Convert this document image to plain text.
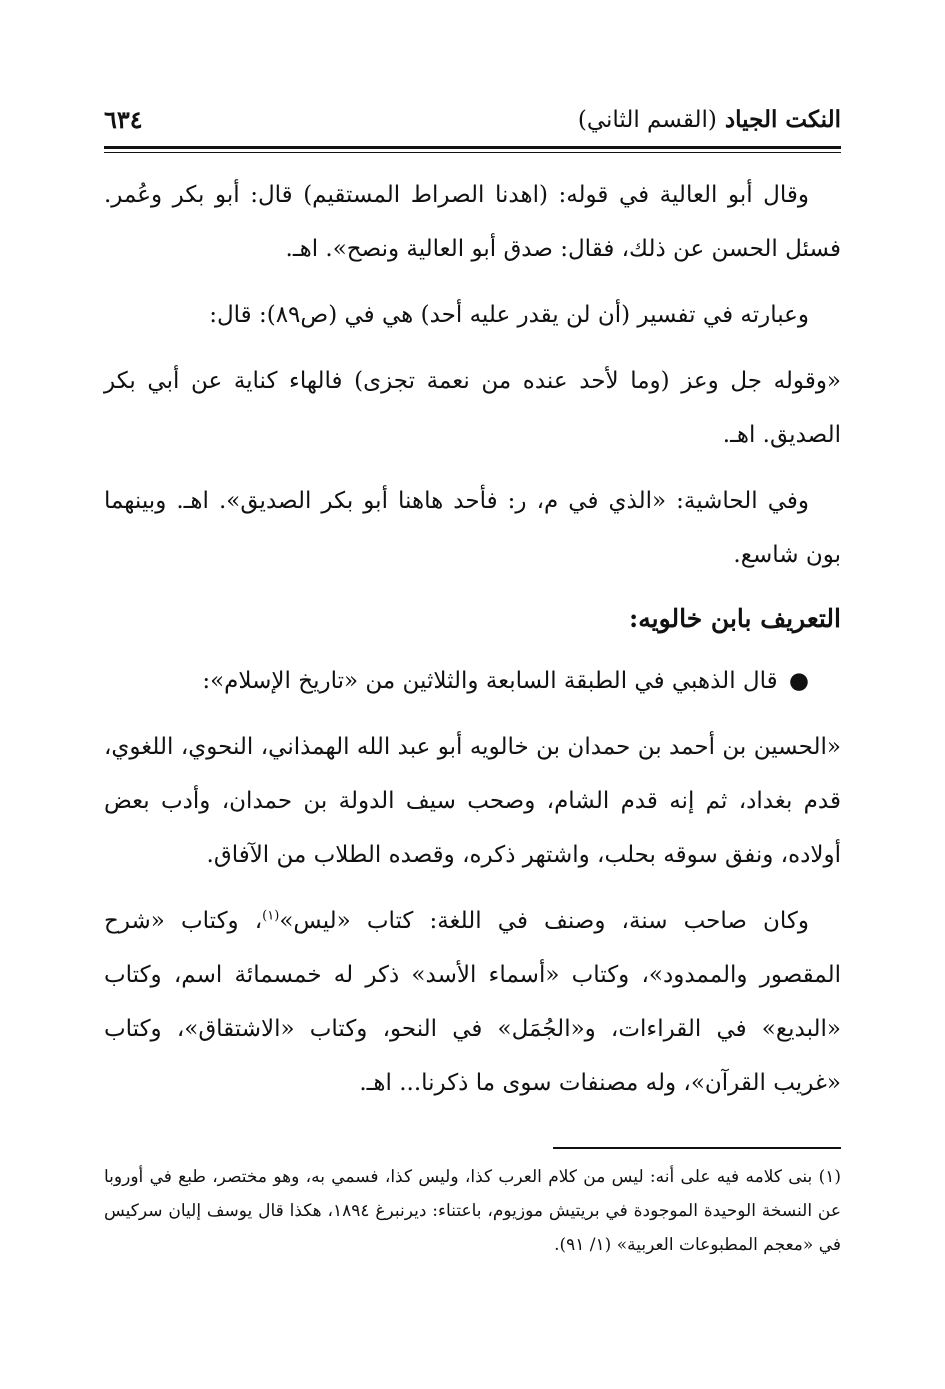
النكت الجياد (القسم الثاني)
٦٣٤

وقال أبو العالية في قوله: (اهدنا الصراط المستقيم) قال: أبو بكر وعُمر. فسئل الحسن عن ذلك، فقال: صدق أبو العالية ونصح». اهـ.

وعبارته في تفسير (أن لن يقدر عليه أحد) هي في (ص٨٩): قال:

«وقوله جل وعز (وما لأحد عنده من نعمة تجزى) فالهاء كناية عن أبي بكر الصديق. اهـ.

وفي الحاشية: «الذي في م، ر: فأحد هاهنا أبو بكر الصديق». اهـ. وبينهما بون شاسع.

التعريف بابن خالويه:

● قال الذهبي في الطبقة السابعة والثلاثين من «تاريخ الإسلام»:

«الحسين بن أحمد بن حمدان بن خالويه أبو عبد الله الهمذاني، النحوي، اللغوي، قدم بغداد، ثم إنه قدم الشام، وصحب سيف الدولة بن حمدان، وأدب بعض أولاده، ونفق سوقه بحلب، واشتهر ذكره، وقصده الطلاب من الآفاق.

وكان صاحب سنة، وصنف في اللغة: كتاب «ليس»$^{(١)}$، وكتاب «شرح المقصور والممدود»، وكتاب «أسماء الأسد» ذكر له خمسمائة اسم، وكتاب «البديع» في القراءات، و«الجُمَل» في النحو، وكتاب «الاشتقاق»، وكتاب «غريب القرآن»، وله مصنفات سوى ما ذكرنا... اهـ.

(١) بنى كلامه فيه على أنه: ليس من كلام العرب كذا، وليس كذا، فسمي به، وهو مختصر، طبع في أوروبا عن النسخة الوحيدة الموجودة في بريتيش موزيوم، باعتناء: ديرنبرغ ١٨٩٤، هكذا قال يوسف إليان سركيس في «معجم المطبوعات العربية» (١/ ٩١).
